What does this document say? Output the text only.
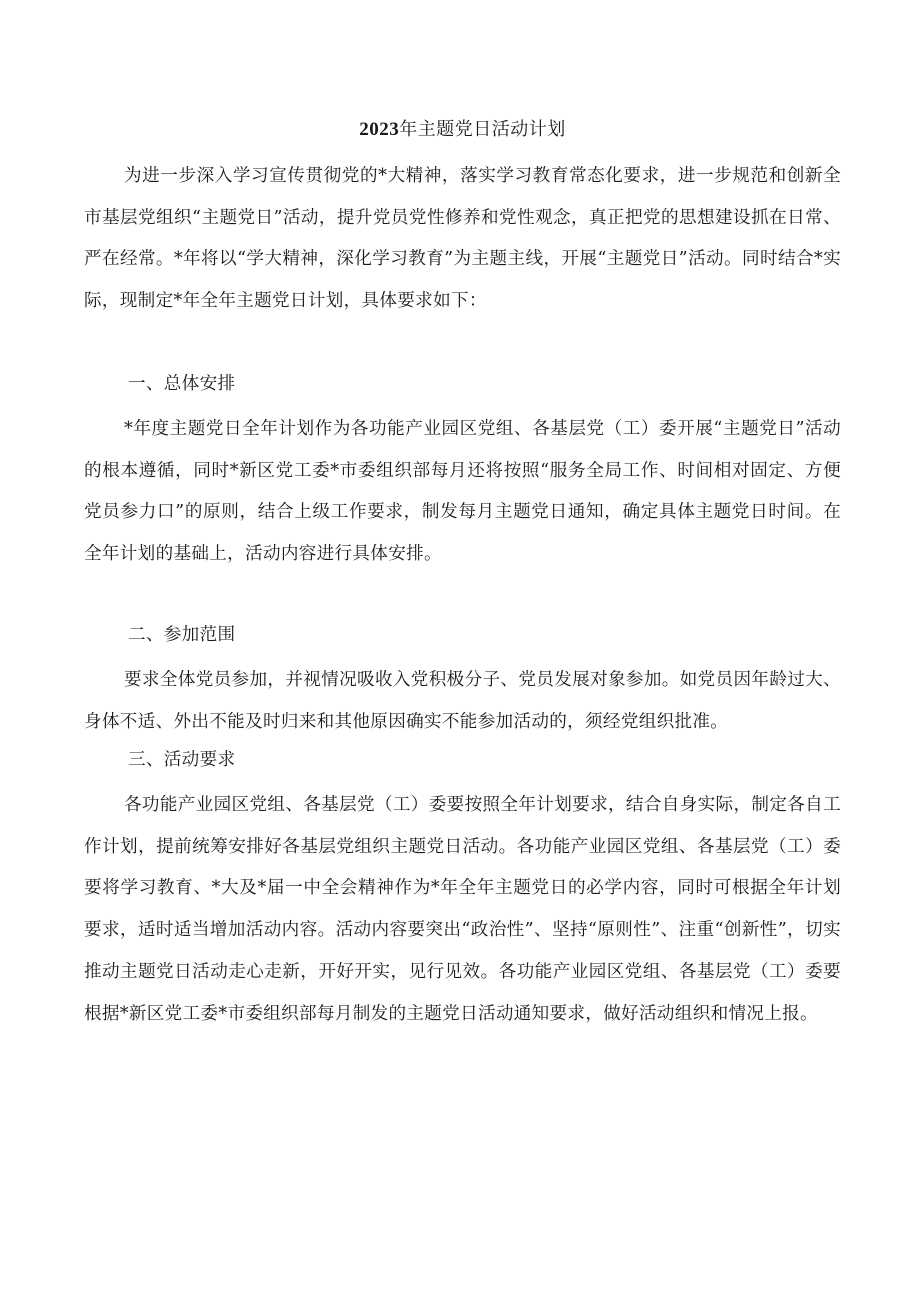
2023年主题党日活动计划

为进一步深入学习宣传贯彻党的*大精神，落实学习教育常态化要求，进一步规范和创新全市基层党组织“主题党日”活动，提升党员党性修养和党性观念，真正把党的思想建设抓在日常、严在经常。*年将以“学大精神，深化学习教育”为主题主线，开展“主题党日”活动。同时结合*实际，现制定*年全年主题党日计划，具体要求如下：

一、总体安排

*年度主题党日全年计划作为各功能产业园区党组、各基层党（工）委开展“主题党日”活动的根本遵循，同时*新区党工委*市委组织部每月还将按照“服务全局工作、时间相对固定、方便党员参力口”的原则，结合上级工作要求，制发每月主题党日通知，确定具体主题党日时间。在全年计划的基础上，活动内容进行具体安排。

二、参加范围

要求全体党员参加，并视情况吸收入党积极分子、党员发展对象参加。如党员因年龄过大、身体不适、外出不能及时归来和其他原因确实不能参加活动的，须经党组织批准。

三、活动要求

各功能产业园区党组、各基层党（工）委要按照全年计划要求，结合自身实际，制定各自工作计划，提前统筹安排好各基层党组织主题党日活动。各功能产业园区党组、各基层党（工）委要将学习教育、*大及*届一中全会精神作为*年全年主题党日的必学内容，同时可根据全年计划要求，适时适当增加活动内容。活动内容要突出“政治性”、坚持“原则性”、注重“创新性”，切实推动主题党日活动走心走新，开好开实，见行见效。各功能产业园区党组、各基层党（工）委要根据*新区党工委*市委组织部每月制发的主题党日活动通知要求，做好活动组织和情况上报。
